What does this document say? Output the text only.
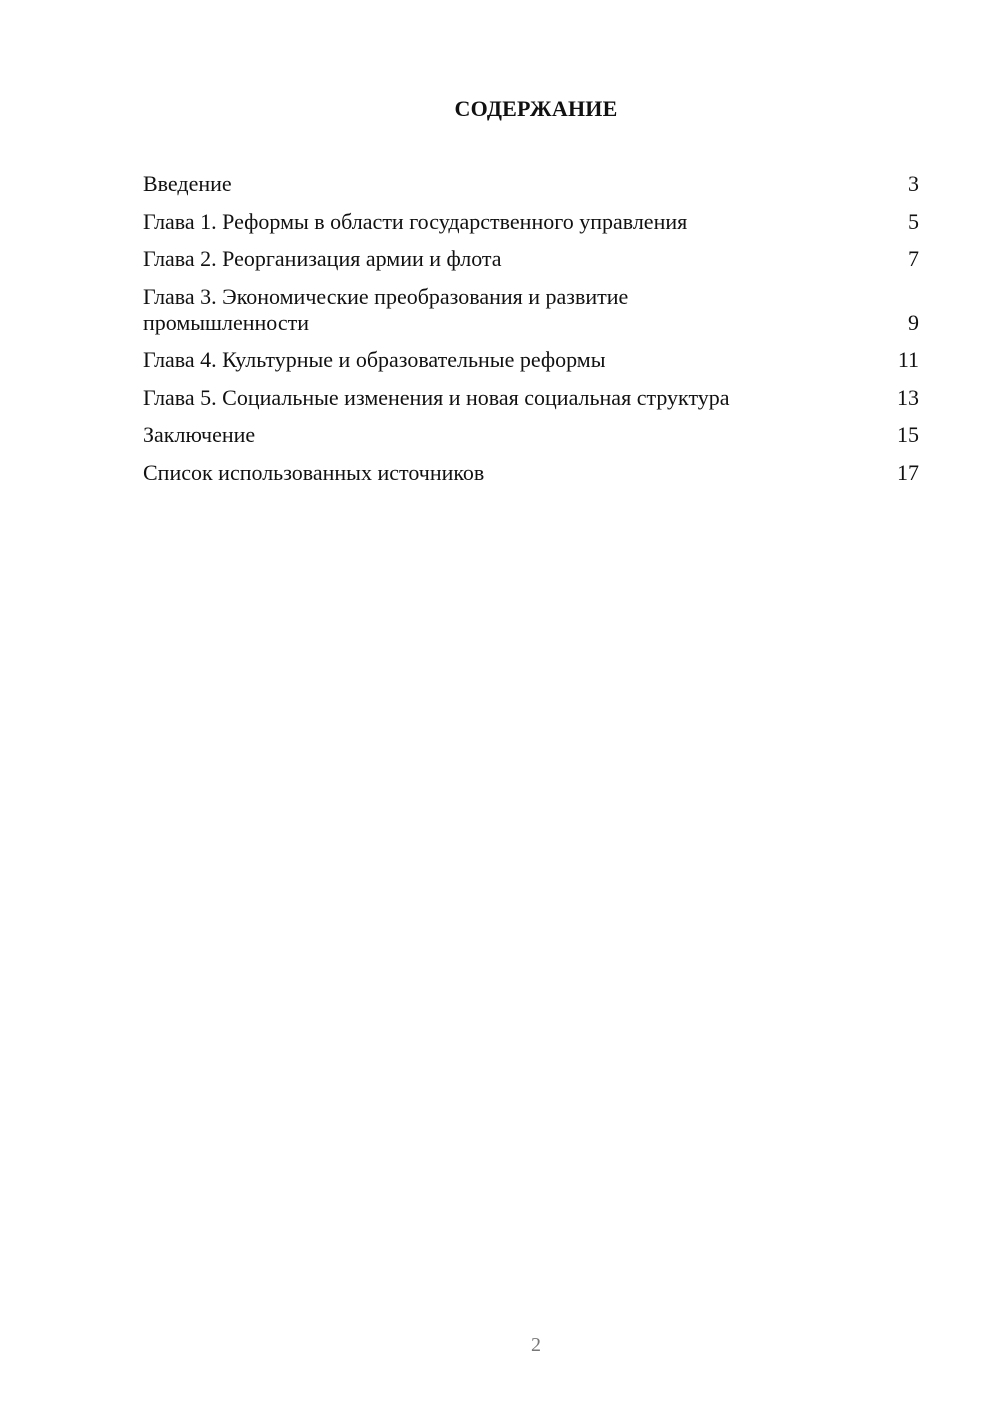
СОДЕРЖАНИЕ
Введение	3
Глава 1. Реформы в области государственного управления	5
Глава 2. Реорганизация армии и флота	7
Глава 3. Экономические преобразования и развитие промышленности	9
Глава 4. Культурные и образовательные реформы	11
Глава 5. Социальные изменения и новая социальная структура	13
Заключение	15
Список использованных источников	17
2
